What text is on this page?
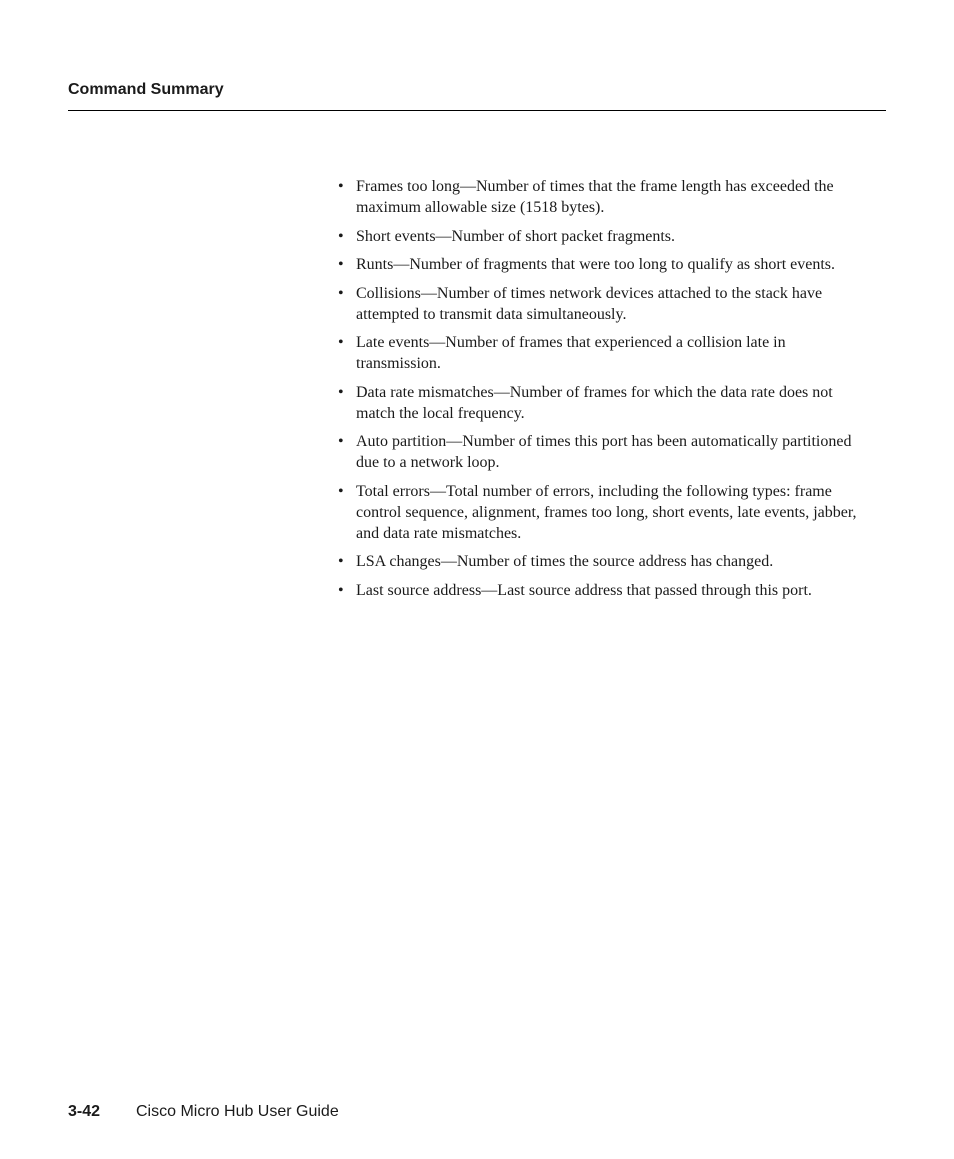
Command Summary
• Frames too long—Number of times that the frame length has exceeded the maximum allowable size (1518 bytes).
• Short events—Number of short packet fragments.
• Runts—Number of fragments that were too long to qualify as short events.
• Collisions—Number of times network devices attached to the stack have attempted to transmit data simultaneously.
• Late events—Number of frames that experienced a collision late in transmission.
• Data rate mismatches—Number of frames for which the data rate does not match the local frequency.
• Auto partition—Number of times this port has been automatically partitioned due to a network loop.
• Total errors—Total number of errors, including the following types: frame control sequence, alignment, frames too long, short events, late events, jabber, and data rate mismatches.
• LSA changes—Number of times the source address has changed.
• Last source address—Last source address that passed through this port.
3-42 Cisco Micro Hub User Guide
